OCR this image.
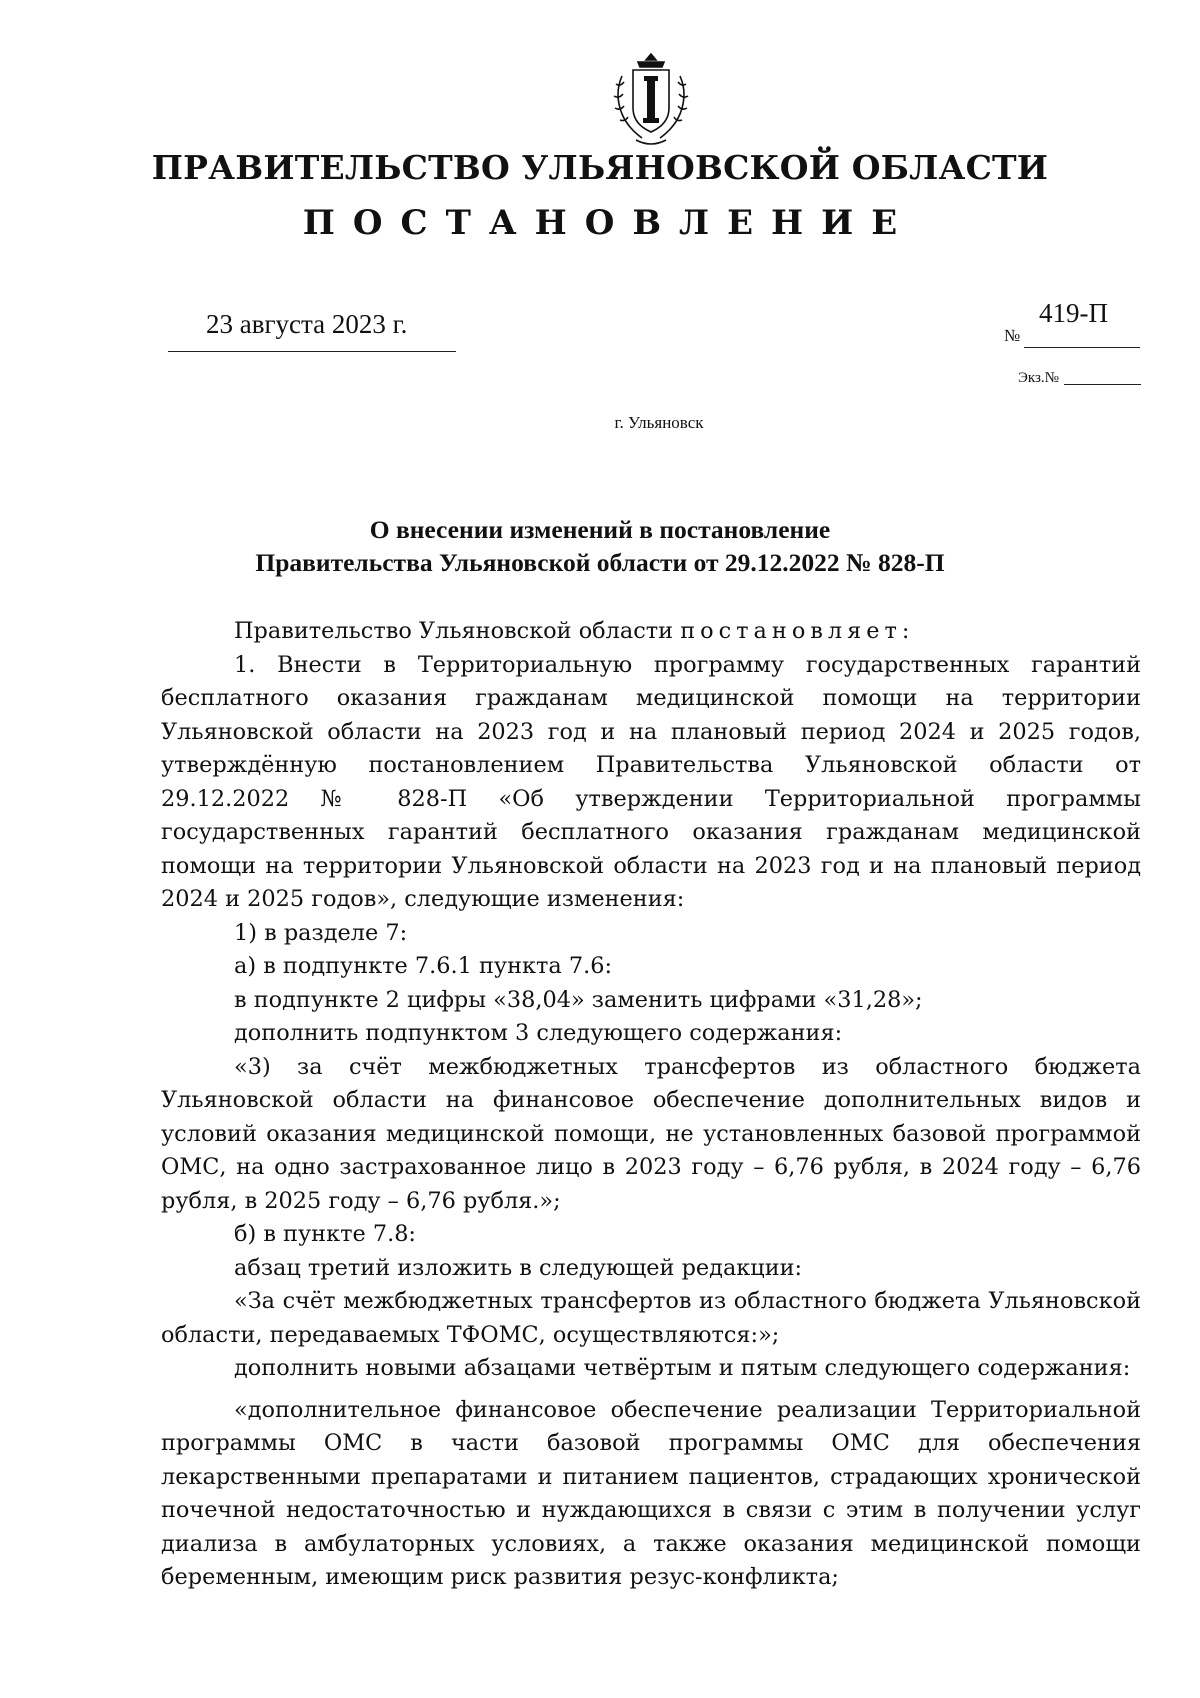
ПРАВИТЕЛЬСТВО УЛЬЯНОВСКОЙ ОБЛАСТИ
ПОСТАНОВЛЕНИЕ
23 августа 2023 г.	№
419-П
Экз.№
г. Ульяновск
О внесении изменений в постановление
Правительства Ульяновской области от 29.12.2022 № 828-П

Правительство Ульяновской области постановляет:

1. Внести в Территориальную программу государственных гарантий бесплатного оказания гражданам медицинской помощи на территории Ульяновской области на 2023 год и на плановый период 2024 и 2025 годов, утверждённую постановлением Правительства Ульяновской области от 29.12.2022 № 828-П «Об утверждении Территориальной программы государственных гарантий бесплатного оказания гражданам медицинской помощи на территории Ульяновской области на 2023 год и на плановый период 2024 и 2025 годов», следующие изменения:

1) в разделе 7:

а) в подпункте 7.6.1 пункта 7.6:

в подпункте 2 цифры «38,04» заменить цифрами «31,28»;

дополнить подпунктом 3 следующего содержания:

«3) за счёт межбюджетных трансфертов из областного бюджета Ульяновской области на финансовое обеспечение дополнительных видов и условий оказания медицинской помощи, не установленных базовой программой ОМС, на одно застрахованное лицо в 2023 году – 6,76 рубля, в 2024 году – 6,76 рубля, в 2025 году – 6,76 рубля.»;

б) в пункте 7.8:

абзац третий изложить в следующей редакции:

«За счёт межбюджетных трансфертов из областного бюджета Ульяновской области, передаваемых ТФОМС, осуществляются:»;

дополнить новыми абзацами четвёртым и пятым следующего содержания:

«дополнительное финансовое обеспечение реализации Территориальной программы ОМС в части базовой программы ОМС для обеспечения лекарственными препаратами и питанием пациентов, страдающих хронической почечной недостаточностью и нуждающихся в связи с этим в получении услуг диализа в амбулаторных условиях, а также оказания медицинской помощи беременным, имеющим риск развития резус-конфликта;
